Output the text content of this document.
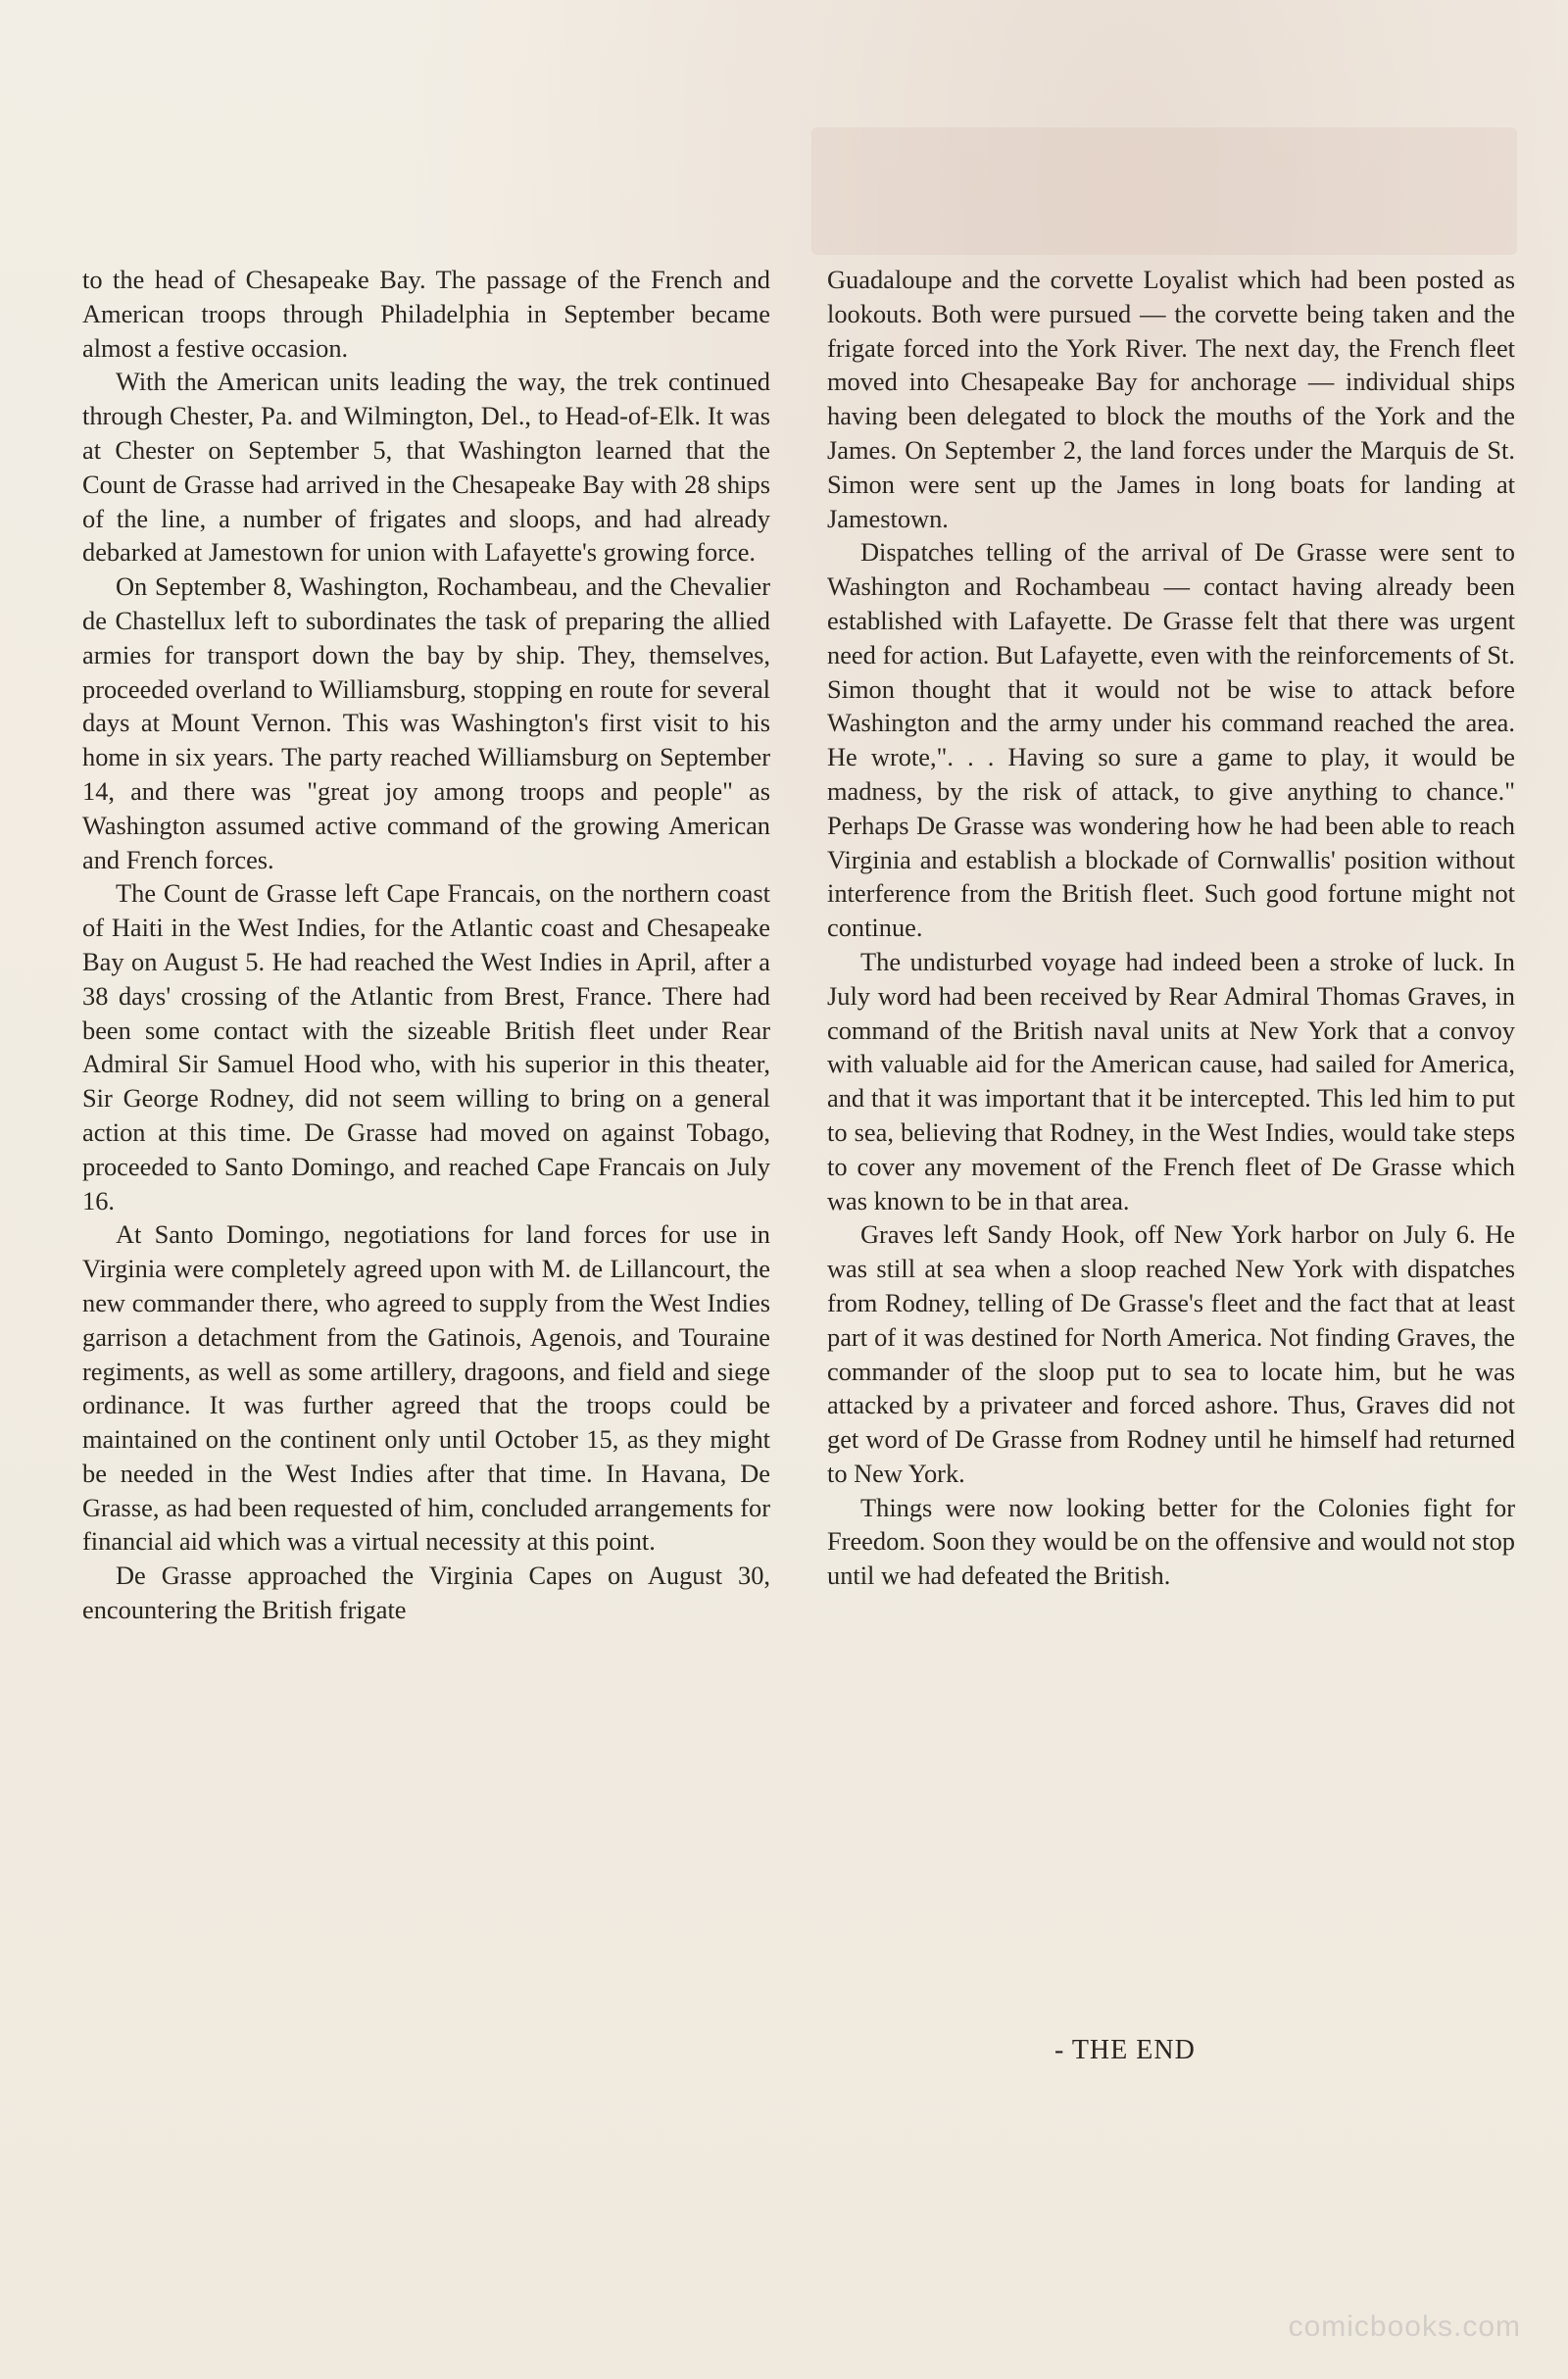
to the head of Chesapeake Bay. The passage of the French and American troops through Philadelphia in September became almost a festive occasion.

With the American units leading the way, the trek continued through Chester, Pa. and Wilmington, Del., to Head-of-Elk. It was at Chester on September 5, that Washington learned that the Count de Grasse had arrived in the Chesapeake Bay with 28 ships of the line, a number of frigates and sloops, and had already debarked at Jamestown for union with Lafayette's growing force.

On September 8, Washington, Rochambeau, and the Chevalier de Chastellux left to subordinates the task of preparing the allied armies for transport down the bay by ship. They, themselves, proceeded overland to Williamsburg, stopping en route for several days at Mount Vernon. This was Washington's first visit to his home in six years. The party reached Williamsburg on September 14, and there was "great joy among troops and people" as Washington assumed active command of the growing American and French forces.

The Count de Grasse left Cape Francais, on the northern coast of Haiti in the West Indies, for the Atlantic coast and Chesapeake Bay on August 5. He had reached the West Indies in April, after a 38 days' crossing of the Atlantic from Brest, France. There had been some contact with the sizeable British fleet under Rear Admiral Sir Samuel Hood who, with his superior in this theater, Sir George Rodney, did not seem willing to bring on a general action at this time. De Grasse had moved on against Tobago, proceeded to Santo Domingo, and reached Cape Francais on July 16.

At Santo Domingo, negotiations for land forces for use in Virginia were completely agreed upon with M. de Lillancourt, the new commander there, who agreed to supply from the West Indies garrison a detachment from the Gatinois, Agenois, and Touraine regiments, as well as some artillery, dragoons, and field and siege ordinance. It was further agreed that the troops could be maintained on the continent only until October 15, as they might be needed in the West Indies after that time. In Havana, De Grasse, as had been requested of him, concluded arrangements for financial aid which was a virtual necessity at this point.

De Grasse approached the Virginia Capes on August 30, encountering the British frigate

Guadaloupe and the corvette Loyalist which had been posted as lookouts. Both were pursued — the corvette being taken and the frigate forced into the York River. The next day, the French fleet moved into Chesapeake Bay for anchorage — individual ships having been delegated to block the mouths of the York and the James. On September 2, the land forces under the Marquis de St. Simon were sent up the James in long boats for landing at Jamestown.

Dispatches telling of the arrival of De Grasse were sent to Washington and Rochambeau — contact having already been established with Lafayette. De Grasse felt that there was urgent need for action. But Lafayette, even with the reinforcements of St. Simon thought that it would not be wise to attack before Washington and the army under his command reached the area. He wrote,". . . Having so sure a game to play, it would be madness, by the risk of attack, to give anything to chance." Perhaps De Grasse was wondering how he had been able to reach Virginia and establish a blockade of Cornwallis' position without interference from the British fleet. Such good fortune might not continue.

The undisturbed voyage had indeed been a stroke of luck. In July word had been received by Rear Admiral Thomas Graves, in command of the British naval units at New York that a convoy with valuable aid for the American cause, had sailed for America, and that it was important that it be intercepted. This led him to put to sea, believing that Rodney, in the West Indies, would take steps to cover any movement of the French fleet of De Grasse which was known to be in that area.

Graves left Sandy Hook, off New York harbor on July 6. He was still at sea when a sloop reached New York with dispatches from Rodney, telling of De Grasse's fleet and the fact that at least part of it was destined for North America. Not finding Graves, the commander of the sloop put to sea to locate him, but he was attacked by a privateer and forced ashore. Thus, Graves did not get word of De Grasse from Rodney until he himself had returned to New York.

Things were now looking better for the Colonies fight for Freedom. Soon they would be on the offensive and would not stop until we had defeated the British.

- THE END
comicbooks.com
